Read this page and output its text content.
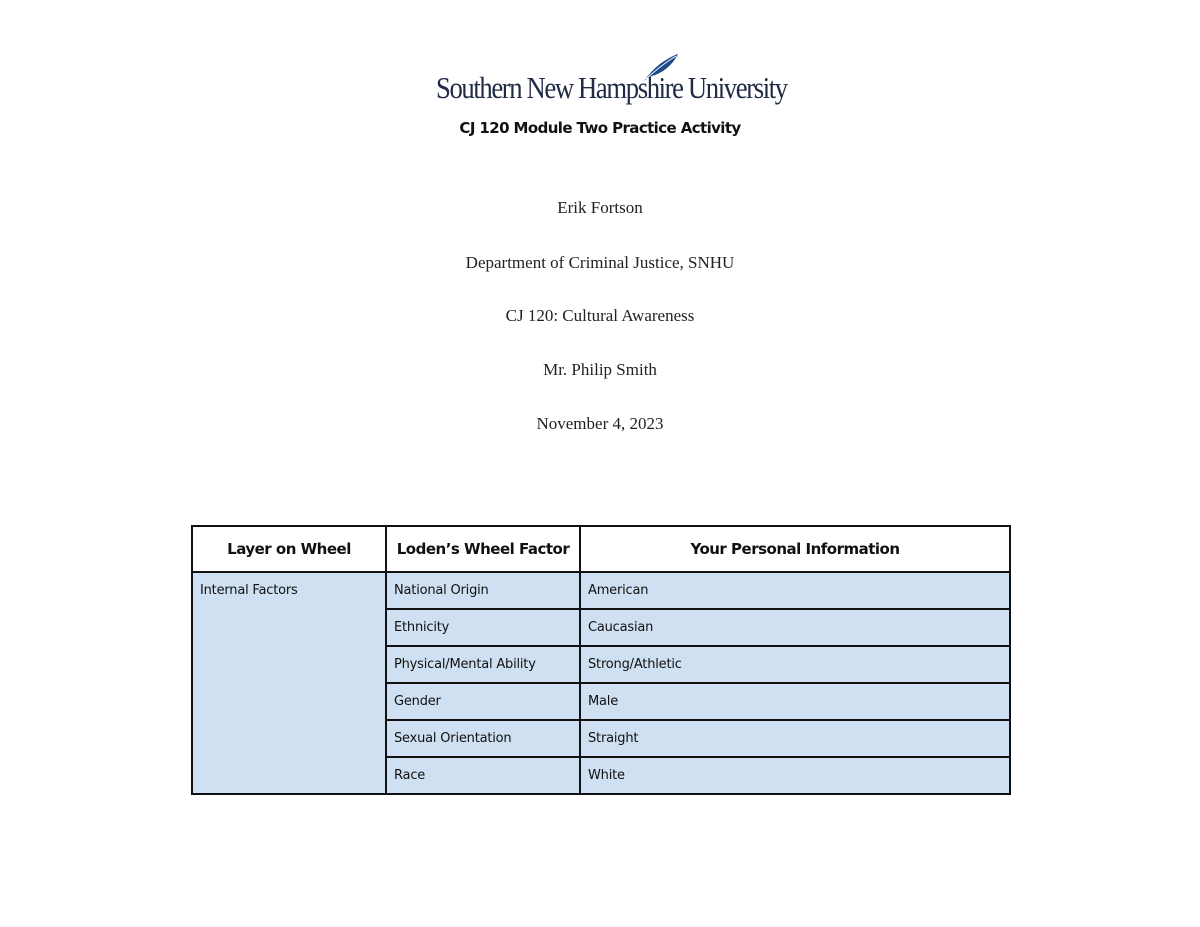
Southern New Hampshire University
CJ 120 Module Two Practice Activity
Erik Fortson
Department of Criminal Justice, SNHU
CJ 120: Cultural Awareness
Mr. Philip Smith
November 4, 2023
Layer on Wheel	Loden’s Wheel Factor	Your Personal Information
Internal Factors	National Origin	American
	Ethnicity	Caucasian
	Physical/Mental Ability	Strong/Athletic
	Gender	Male
	Sexual Orientation	Straight
	Race	White
